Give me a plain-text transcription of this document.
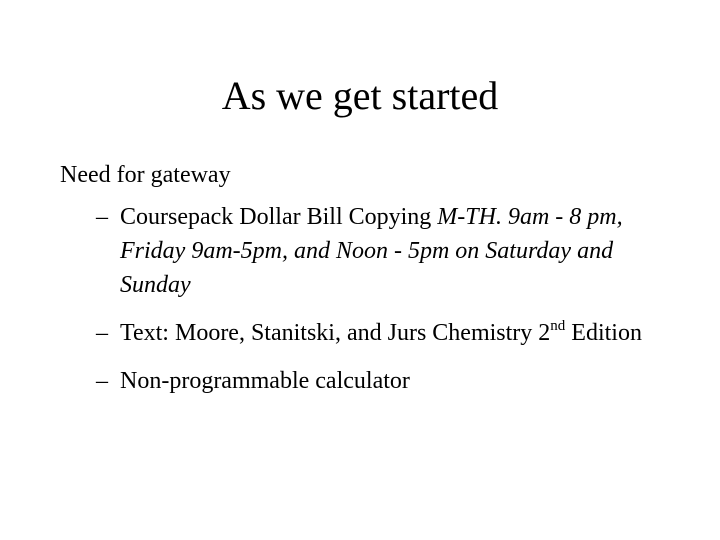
As we get started
Need for gateway
– Coursepack Dollar Bill Copying M-TH. 9am - 8 pm, Friday 9am-5pm, and Noon - 5pm on Saturday and Sunday
– Text: Moore, Stanitski, and Jurs Chemistry 2nd Edition
– Non-programmable calculator
